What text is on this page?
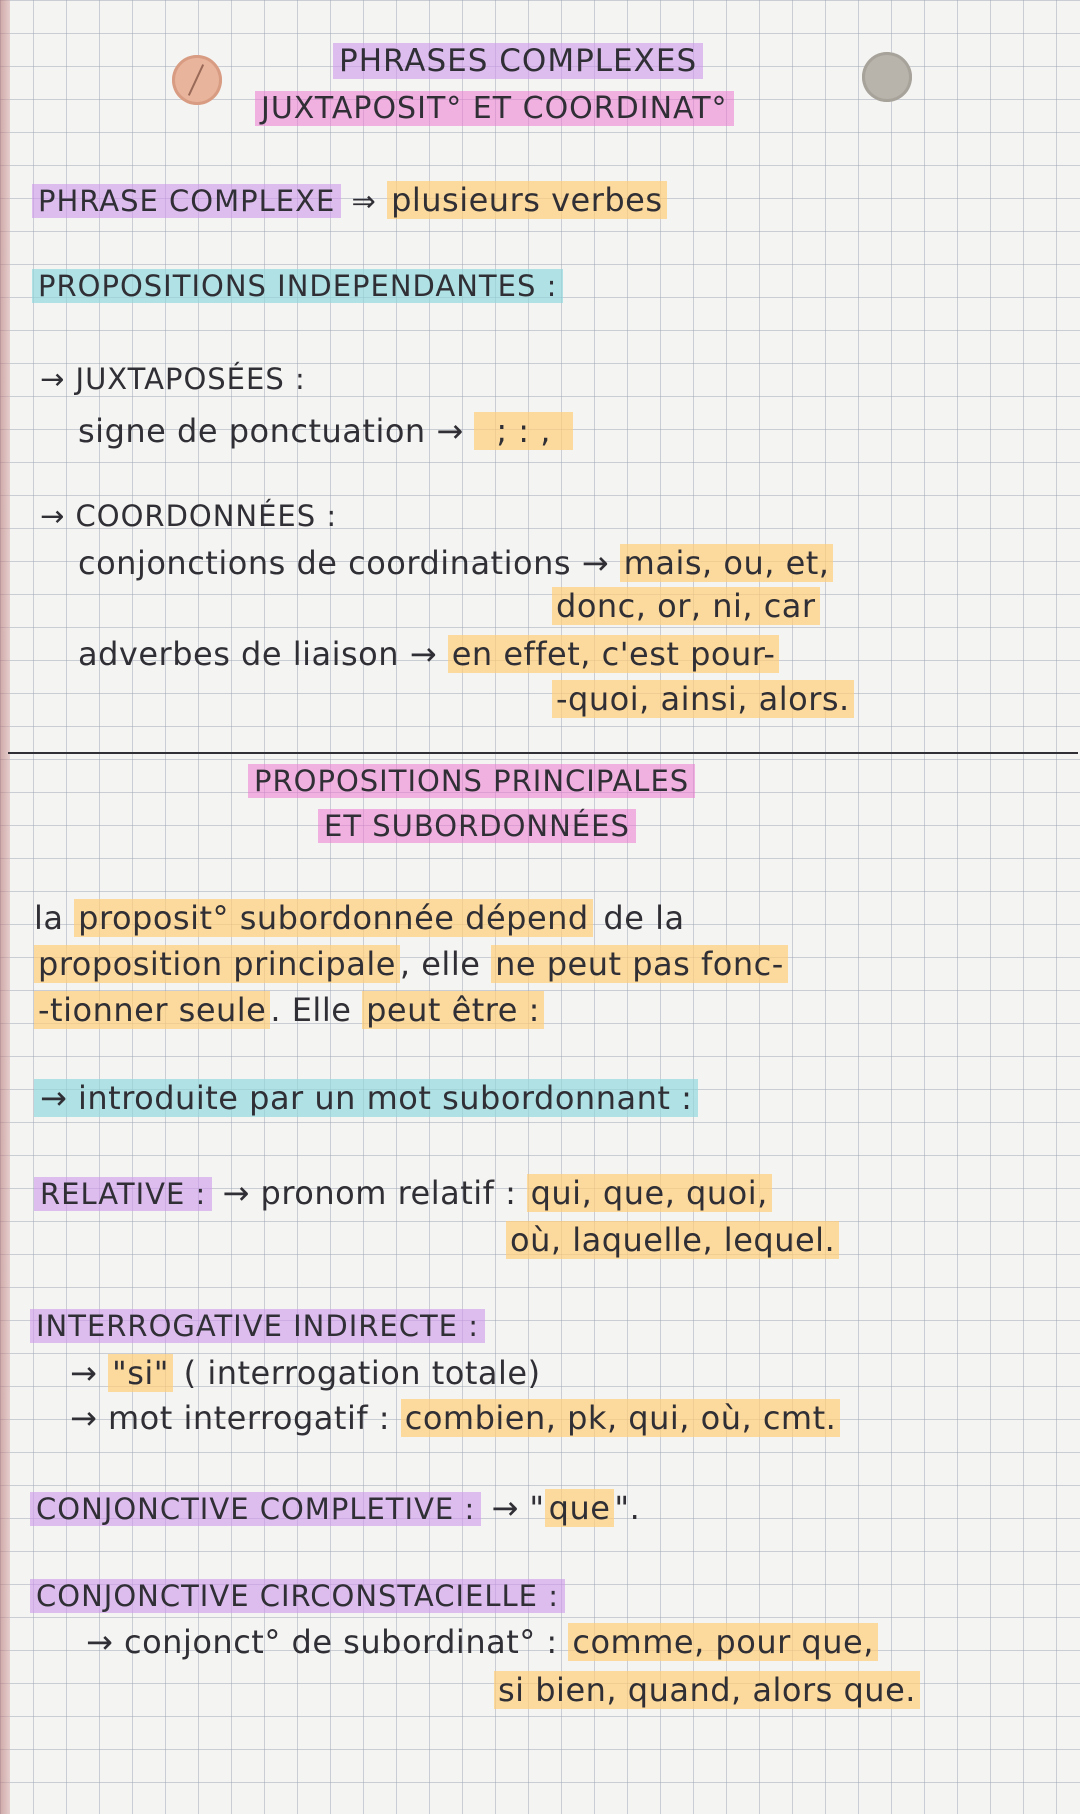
PHRASES COMPLEXES
JUXTAPOSIT° ET COORDINAT°
PHRASE COMPLEXE ⇒ plusieurs verbes
PROPOSITIONS INDEPENDANTES :
→ JUXTAPOSÉES :
signe de ponctuation → ; : ,
→ COORDONNÉES :
conjonctions de coordinations → mais, ou, et,
donc, or, ni, car
adverbes de liaison → en effet, c'est pour-
-quoi, ainsi, alors.
PROPOSITIONS PRINCIPALES
ET SUBORDONNÉES
la proposit° subordonnée dépend de la
proposition principale , elle ne peut pas fonc-
-tionner seule . Elle peut être :
→ introduite par un mot subordonnant :
RELATIVE : → pronom relatif : qui, que, quoi,
où, laquelle, lequel.
INTERROGATIVE INDIRECTE :
→ "si" ( interrogation totale)
→ mot interrogatif : combien, pk, qui, où, cmt.
CONJONCTIVE COMPLETIVE : → " que ".
CONJONCTIVE CIRCONSTACIELLE :
→ conjonct° de subordinat° : comme, pour que,
si bien, quand, alors que.
